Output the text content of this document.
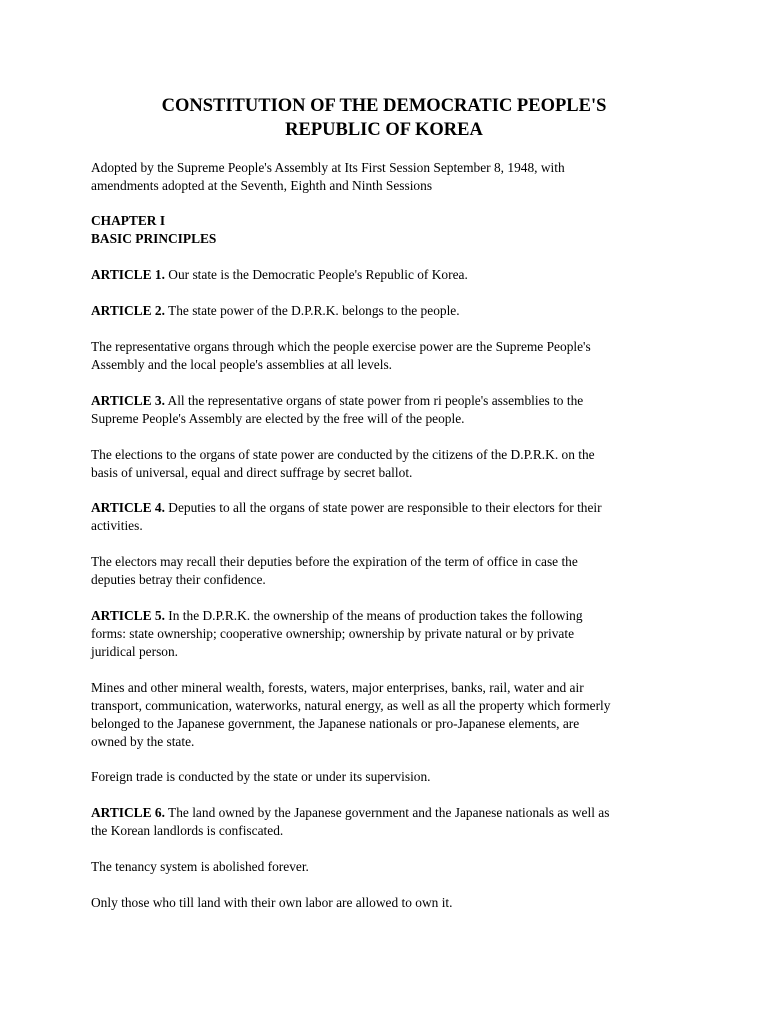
CONSTITUTION OF THE DEMOCRATIC PEOPLE'S
REPUBLIC OF KOREA

Adopted by the Supreme People's Assembly at Its First Session September 8, 1948, with
amendments adopted at the Seventh, Eighth and Ninth Sessions

CHAPTER I

BASIC PRINCIPLES

ARTICLE 1. Our state is the Democratic People's Republic of Korea.

ARTICLE 2. The state power of the D.P.R.K. belongs to the people.

The representative organs through which the people exercise power are the Supreme People's
Assembly and the local people's assemblies at all levels.

ARTICLE 3. All the representative organs of state power from ri people's assemblies to the
Supreme People's Assembly are elected by the free will of the people.

The elections to the organs of state power are conducted by the citizens of the D.P.R.K. on the
basis of universal, equal and direct suffrage by secret ballot.

ARTICLE 4. Deputies to all the organs of state power are responsible to their electors for their
activities.

The electors may recall their deputies before the expiration of the term of office in case the
deputies betray their confidence.

ARTICLE 5. In the D.P.R.K. the ownership of the means of production takes the following
forms: state ownership; cooperative ownership; ownership by private natural or by private
juridical person.

Mines and other mineral wealth, forests, waters, major enterprises, banks, rail, water and air
transport, communication, waterworks, natural energy, as well as all the property which formerly
belonged to the Japanese government, the Japanese nationals or pro-Japanese elements, are
owned by the state.

Foreign trade is conducted by the state or under its supervision.

ARTICLE 6. The land owned by the Japanese government and the Japanese nationals as well as
the Korean landlords is confiscated.

The tenancy system is abolished forever.

Only those who till land with their own labor are allowed to own it.
